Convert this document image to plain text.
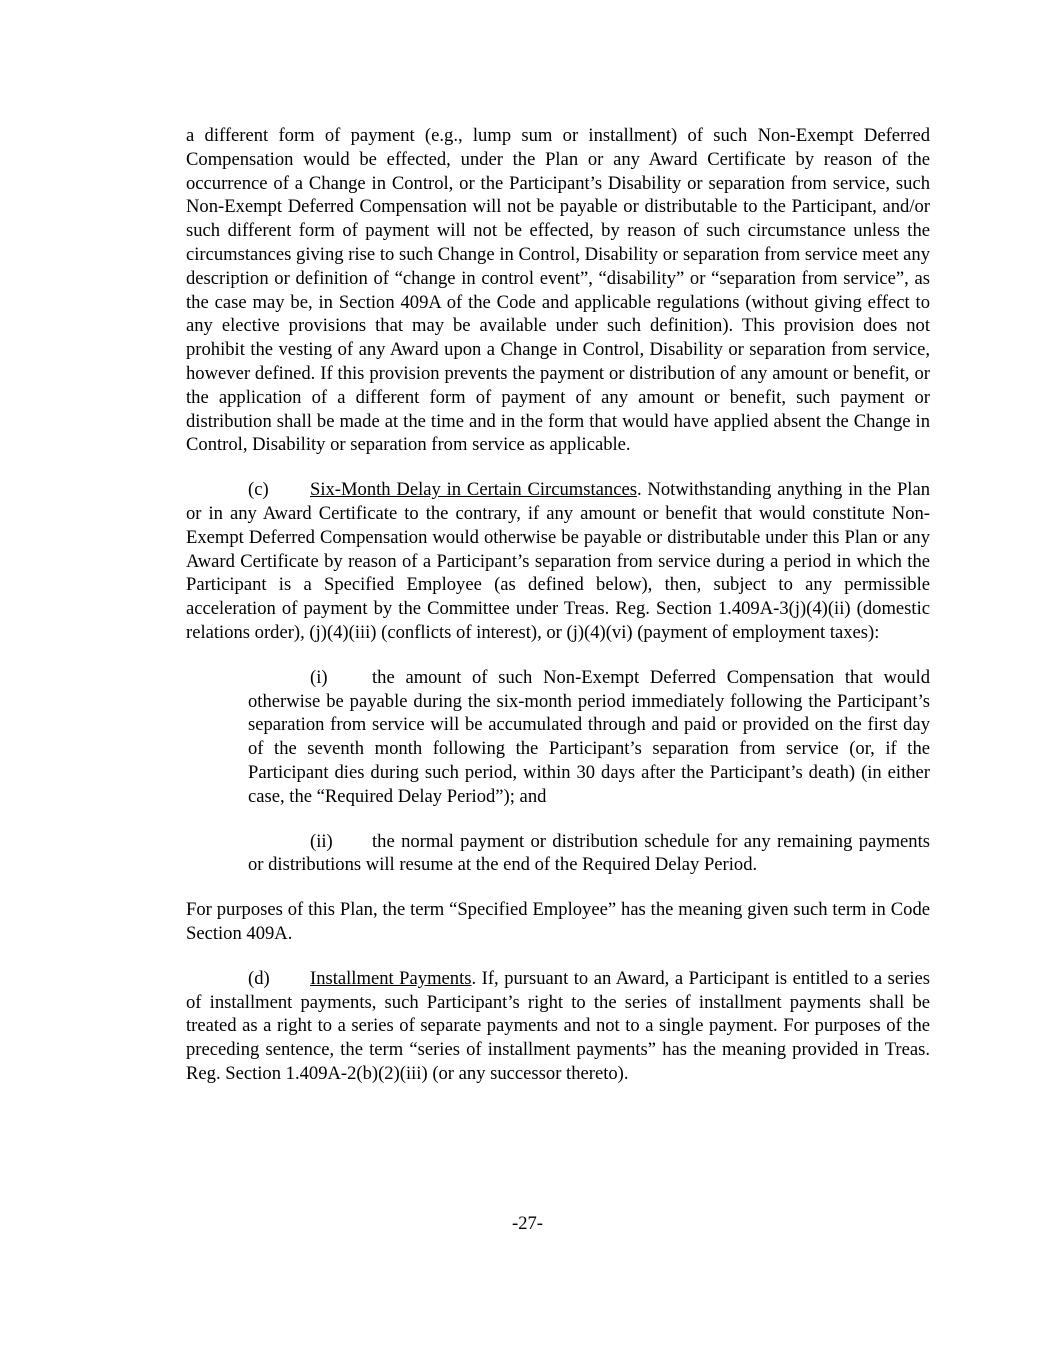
a different form of payment (e.g., lump sum or installment) of such Non-Exempt Deferred Compensation would be effected, under the Plan or any Award Certificate by reason of the occurrence of a Change in Control, or the Participant’s Disability or separation from service, such Non-Exempt Deferred Compensation will not be payable or distributable to the Participant, and/or such different form of payment will not be effected, by reason of such circumstance unless the circumstances giving rise to such Change in Control, Disability or separation from service meet any description or definition of “change in control event”, “disability” or “separation from service”, as the case may be, in Section 409A of the Code and applicable regulations (without giving effect to any elective provisions that may be available under such definition). This provision does not prohibit the vesting of any Award upon a Change in Control, Disability or separation from service, however defined. If this provision prevents the payment or distribution of any amount or benefit, or the application of a different form of payment of any amount or benefit, such payment or distribution shall be made at the time and in the form that would have applied absent the Change in Control, Disability or separation from service as applicable.

(c) Six-Month Delay in Certain Circumstances. Notwithstanding anything in the Plan or in any Award Certificate to the contrary, if any amount or benefit that would constitute Non-Exempt Deferred Compensation would otherwise be payable or distributable under this Plan or any Award Certificate by reason of a Participant’s separation from service during a period in which the Participant is a Specified Employee (as defined below), then, subject to any permissible acceleration of payment by the Committee under Treas. Reg. Section 1.409A-3(j)(4)(ii) (domestic relations order), (j)(4)(iii) (conflicts of interest), or (j)(4)(vi) (payment of employment taxes):

(i) the amount of such Non-Exempt Deferred Compensation that would otherwise be payable during the six-month period immediately following the Participant’s separation from service will be accumulated through and paid or provided on the first day of the seventh month following the Participant’s separation from service (or, if the Participant dies during such period, within 30 days after the Participant’s death) (in either case, the “Required Delay Period”); and

(ii) the normal payment or distribution schedule for any remaining payments or distributions will resume at the end of the Required Delay Period.

For purposes of this Plan, the term “Specified Employee” has the meaning given such term in Code Section 409A.

(d) Installment Payments. If, pursuant to an Award, a Participant is entitled to a series of installment payments, such Participant’s right to the series of installment payments shall be treated as a right to a series of separate payments and not to a single payment. For purposes of the preceding sentence, the term “series of installment payments” has the meaning provided in Treas. Reg. Section 1.409A-2(b)(2)(iii) (or any successor thereto).

-27-
